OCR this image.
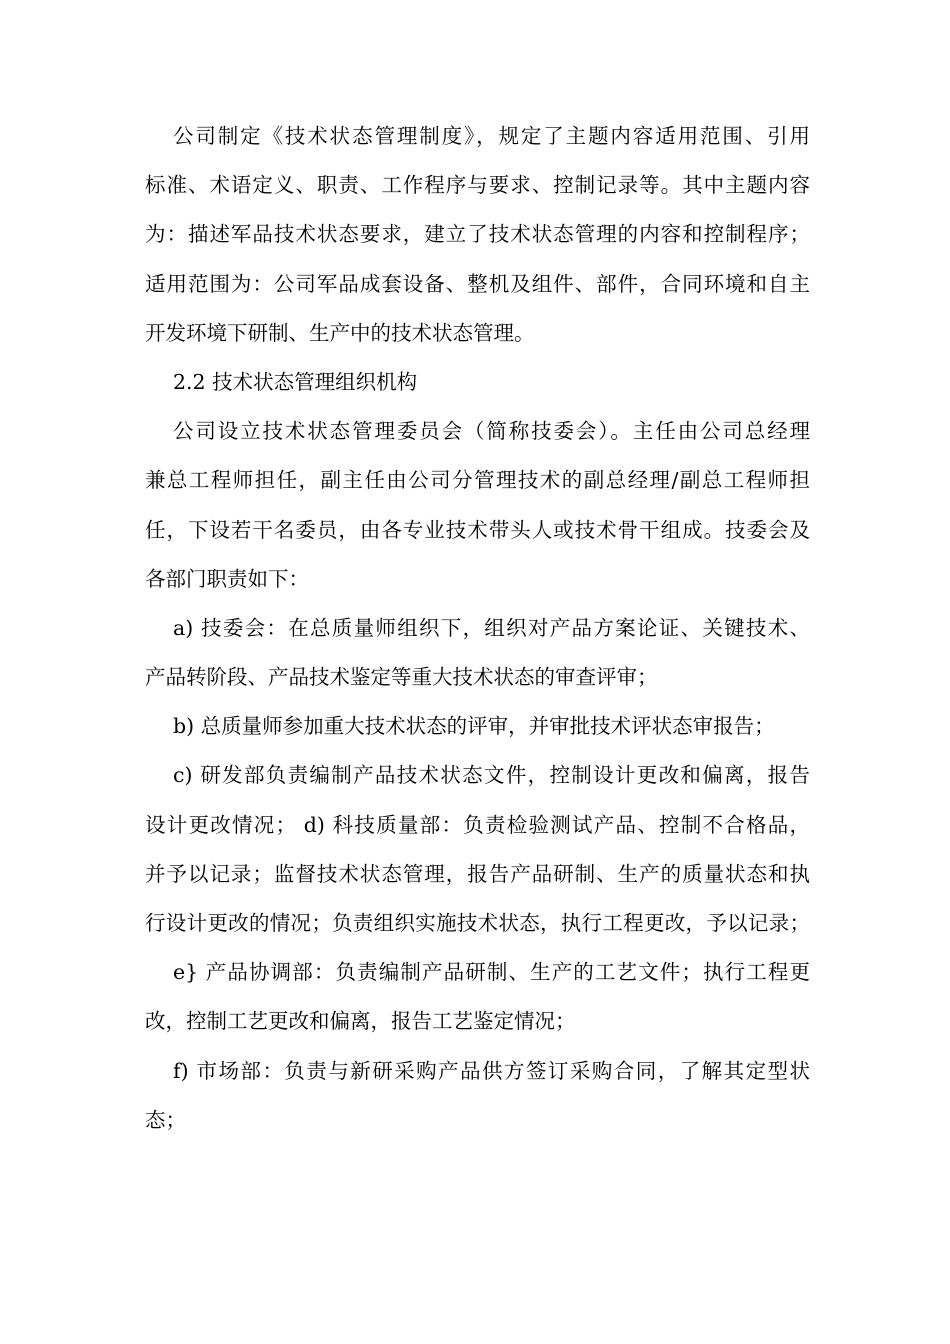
公司制定《技术状态管理制度》，规定了主题内容适用范围、引用
标准、术语定义、职责、工作程序与要求、控制记录等。其中主题内容
为：描述军品技术状态要求，建立了技术状态管理的内容和控制程序；
适用范围为：公司军品成套设备、整机及组件、部件，合同环境和自主
开发环境下研制、生产中的技术状态管理。
2.2 技术状态管理组织机构
公司设立技术状态管理委员会（简称技委会）。主任由公司总经理
兼总工程师担任，副主任由公司分管理技术的副总经理/副总工程师担
任，下设若干名委员，由各专业技术带头人或技术骨干组成。技委会及
各部门职责如下：
a) 技委会：在总质量师组织下，组织对产品方案论证、关键技术、
产品转阶段、产品技术鉴定等重大技术状态的审查评审；
b) 总质量师参加重大技术状态的评审，并审批技术评状态审报告；
c) 研发部负责编制产品技术状态文件，控制设计更改和偏离，报告
设计更改情况； d) 科技质量部：负责检验测试产品、控制不合格品，
并予以记录；监督技术状态管理，报告产品研制、生产的质量状态和执
行设计更改的情况；负责组织实施技术状态，执行工程更改，予以记录；
e} 产品协调部：负责编制产品研制、生产的工艺文件；执行工程更
改，控制工艺更改和偏离，报告工艺鉴定情况；
f) 市场部：负责与新研采购产品供方签订采购合同，了解其定型状
态；
